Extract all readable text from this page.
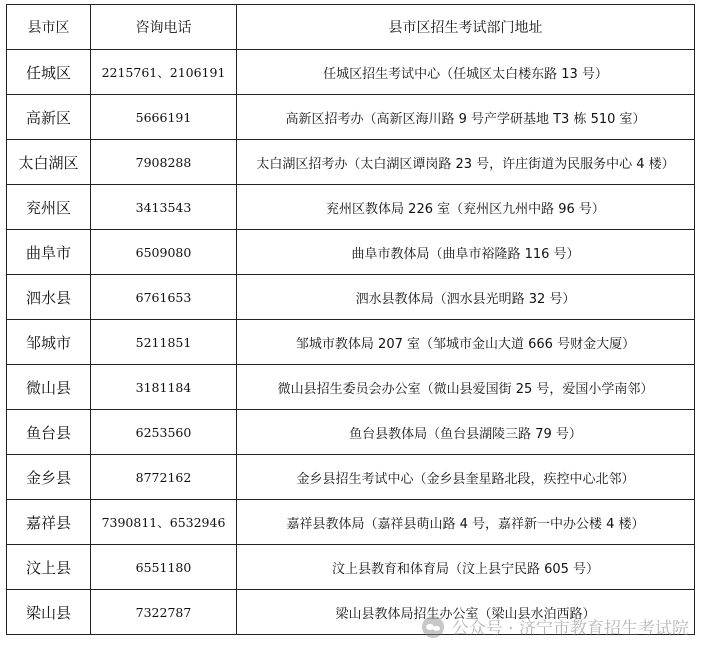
县市区	咨询电话	县市区招生考试部门地址
任城区	2215761、2106191	任城区招生考试中心（任城区太白楼东路 13 号）
高新区	5666191	高新区招考办（高新区海川路 9 号产学研基地 T3 栋 510 室）
太白湖区	7908288	太白湖区招考办（太白湖区谭岗路 23 号，许庄街道为民服务中心 4 楼）
兖州区	3413543	兖州区教体局 226 室（兖州区九州中路 96 号）
曲阜市	6509080	曲阜市教体局（曲阜市裕隆路 116 号）
泗水县	6761653	泗水县教体局（泗水县光明路 32 号）
邹城市	5211851	邹城市教体局 207 室（邹城市金山大道 666 号财金大厦）
微山县	3181184	微山县招生委员会办公室（微山县爱国街 25 号，爱国小学南邻）
鱼台县	6253560	鱼台县教体局（鱼台县湖陵三路 79 号）
金乡县	8772162	金乡县招生考试中心（金乡县奎星路北段，疾控中心北邻）
嘉祥县	7390811、6532946	嘉祥县教体局（嘉祥县萌山路 4 号，嘉祥新一中办公楼 4 楼）
汶上县	6551180	汶上县教育和体育局（汶上县宁民路 605 号）
梁山县	7322787	梁山县教体局招生办公室（梁山县水泊西路）
公众号 · 济宁市教育招生考试院
